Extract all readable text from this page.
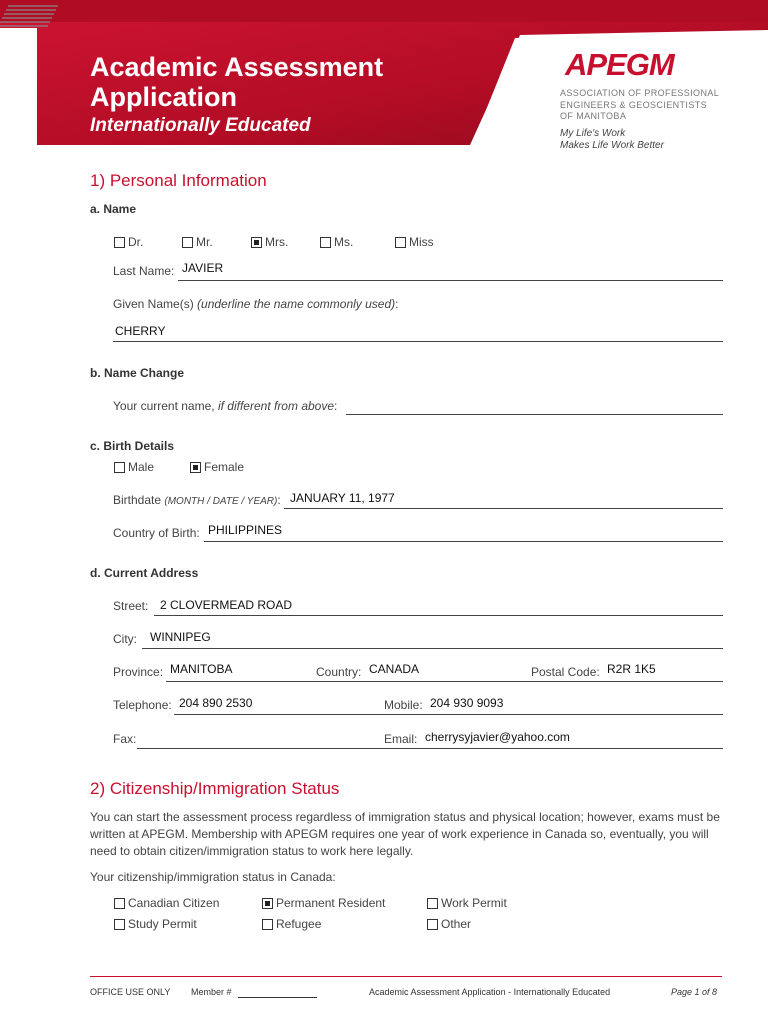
Academic Assessment
Application
Internationally Educated
APEGM
ASSOCIATION OF PROFESSIONAL
ENGINEERS & GEOSCIENTISTS
OF MANITOBA
My Life's Work
Makes Life Work Better
1) Personal Information
a. Name
Dr.	Mr.	Mrs.	Ms.	Miss
Last Name: JAVIER
Given Name(s) (underline the name commonly used):
CHERRY
b. Name Change
Your current name, if different from above:
c. Birth Details
Male	Female
Birthdate (MONTH / DATE / YEAR): JANUARY 11, 1977
Country of Birth: PHILIPPINES
d. Current Address
Street: 2 CLOVERMEAD ROAD
City: WINNIPEG
Province: MANITOBA	Country: CANADA	Postal Code: R2R 1K5
Telephone: 204 890 2530	Mobile: 204 930 9093
Fax:	Email: cherrysyjavier@yahoo.com
2) Citizenship/Immigration Status
You can start the assessment process regardless of immigration status and physical location; however, exams must be written at APEGM. Membership with APEGM requires one year of work experience in Canada so, eventually, you will need to obtain citizen/immigration status to work here legally.
Your citizenship/immigration status in Canada:
Canadian Citizen	Permanent Resident	Work Permit
Study Permit	Refugee	Other
OFFICE USE ONLY Member #	Academic Assessment Application - Internationally Educated	Page 1 of 8
